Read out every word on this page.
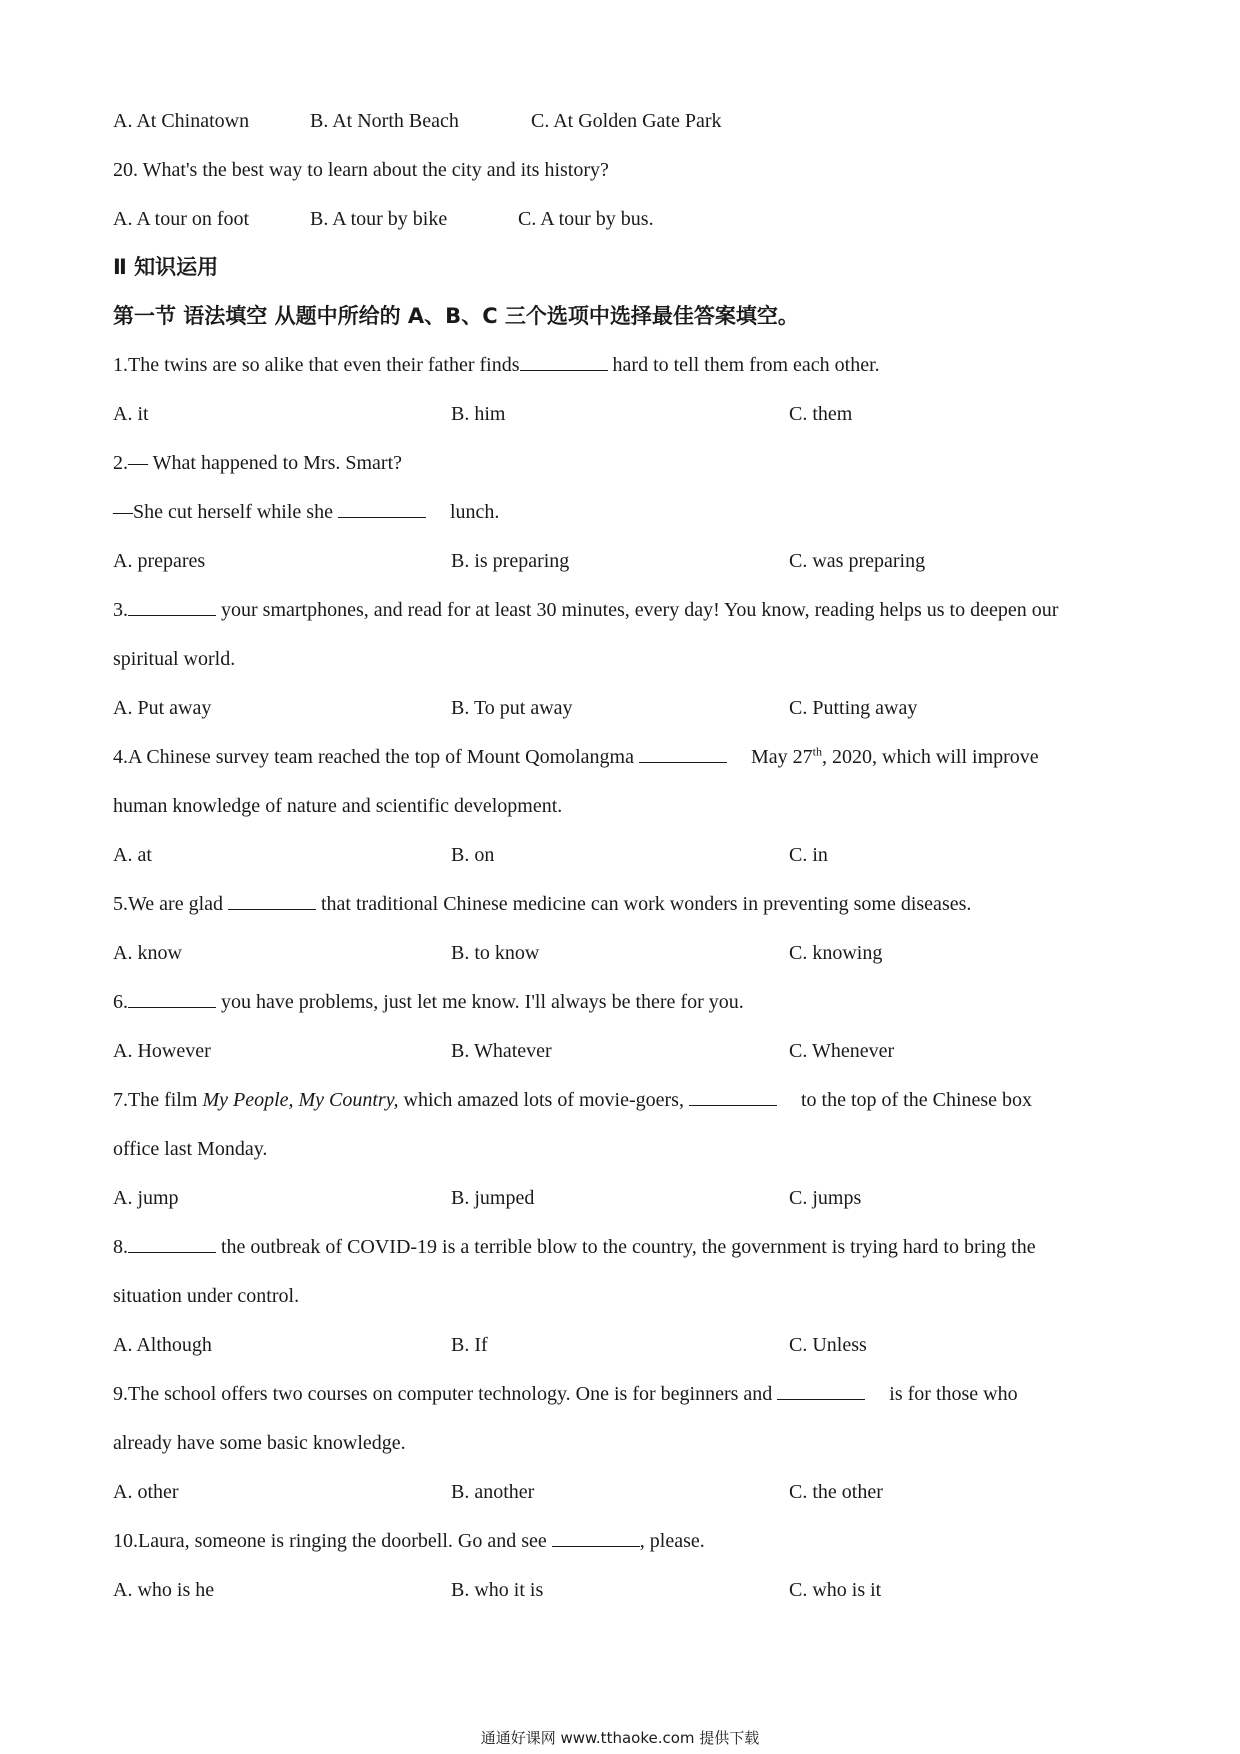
A. At Chinatown	B. At North Beach	C. At Golden Gate Park
20. What's the best way to learn about the city and its history?
A. A tour on foot	B. A tour by bike	C. A tour by bus.
Ⅱ 知识运用
第一节 语法填空 从题中所给的 A、B、C 三个选项中选择最佳答案填空。
1.The twins are so alike that even their father finds	hard to tell them from each other.
A. it	B. him	C. them
2.— What happened to Mrs. Smart?
—She cut herself while she	lunch.
A. prepares	B. is preparing	C. was preparing
3.	your smartphones, and read for at least 30 minutes, every day! You know, reading helps us to deepen our
spiritual world.
A. Put away	B. To put away	C. Putting away
4.A Chinese survey team reached the top of Mount Qomolangma	May 27th, 2020, which will improve
human knowledge of nature and scientific development.
A. at	B. on	C. in
5.We are glad	that traditional Chinese medicine can work wonders in preventing some diseases.
A. know	B. to know	C. knowing
6.	you have problems, just let me know. I'll always be there for you.
A. However	B. Whatever	C. Whenever
7.The film My People, My Country, which amazed lots of movie-goers,	to the top of the Chinese box
office last Monday.
A. jump	B. jumped	C. jumps
8.	the outbreak of COVID-19 is a terrible blow to the country, the government is trying hard to bring the
situation under control.
A. Although	B. If	C. Unless
9.The school offers two courses on computer technology. One is for beginners and	is for those who
already have some basic knowledge.
A. other	B. another	C. the other
10.Laura, someone is ringing the doorbell. Go and see	, please.
A. who is he	B. who it is	C. who is it
通通好课网 www.tthaoke.com 提供下载
